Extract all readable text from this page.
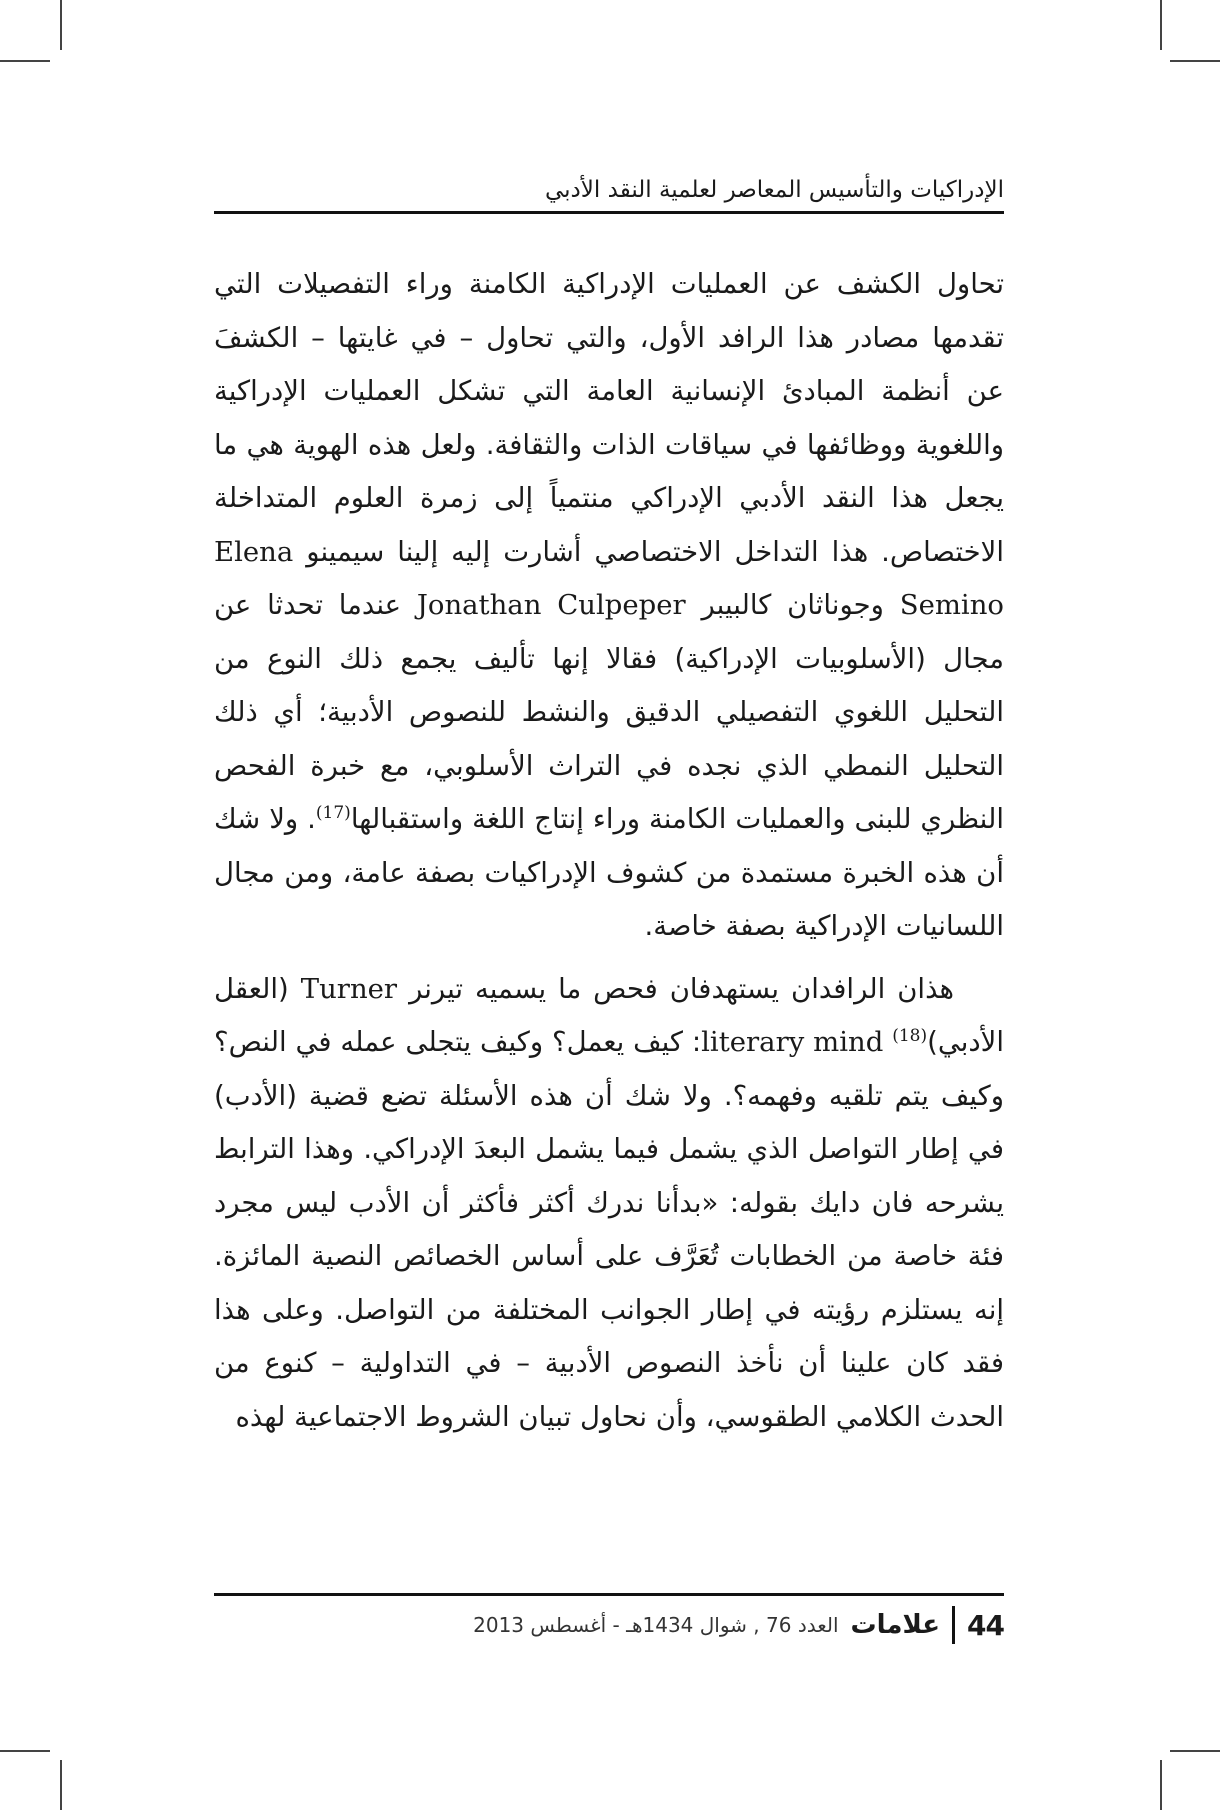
الإدراكيات والتأسيس المعاصر لعلمية النقد الأدبي

تحاول الكشف عن العمليات الإدراكية الكامنة وراء التفصيلات التي تقدمها مصادر هذا الرافد الأول، والتي تحاول – في غايتها – الكشفَ عن أنظمة المبادئ الإنسانية العامة التي تشكل العمليات الإدراكية واللغوية ووظائفها في سياقات الذات والثقافة. ولعل هذه الهوية هي ما يجعل هذا النقد الأدبي الإدراكي منتمياً إلى زمرة العلوم المتداخلة الاختصاص. هذا التداخل الاختصاصي أشارت إليه إلينا سيمينو Elena Semino وجوناثان كالبيبر Jonathan Culpeper عندما تحدثا عن مجال (الأسلوبيات الإدراكية) فقالا إنها تأليف يجمع ذلك النوع من التحليل اللغوي التفصيلي الدقيق والنشط للنصوص الأدبية؛ أي ذلك التحليل النمطي الذي نجده في التراث الأسلوبي، مع خبرة الفحص النظري للبنى والعمليات الكامنة وراء إنتاج اللغة واستقبالها$^{(17)}$. ولا شك أن هذه الخبرة مستمدة من كشوف الإدراكيات بصفة عامة، ومن مجال اللسانيات الإدراكية بصفة خاصة.

هذان الرافدان يستهدفان فحص ما يسميه تيرنر Turner (العقل الأدبي)$^{(18)}$ literary mind: كيف يعمل؟ وكيف يتجلى عمله في النص؟ وكيف يتم تلقيه وفهمه؟. ولا شك أن هذه الأسئلة تضع قضية (الأدب) في إطار التواصل الذي يشمل فيما يشمل البعدَ الإدراكي. وهذا الترابط يشرحه فان دايك بقوله: «بدأنا ندرك أكثر فأكثر أن الأدب ليس مجرد فئة خاصة من الخطابات تُعَرَّف على أساس الخصائص النصية المائزة. إنه يستلزم رؤيته في إطار الجوانب المختلفة من التواصل. وعلى هذا فقد كان علينا أن نأخذ النصوص الأدبية – في التداولية – كنوع من الحدث الكلامي الطقوسي، وأن نحاول تبيان الشروط الاجتماعية لهذه

44
علامات
العدد 76 , شوال 1434هـ - أغسطس 2013
